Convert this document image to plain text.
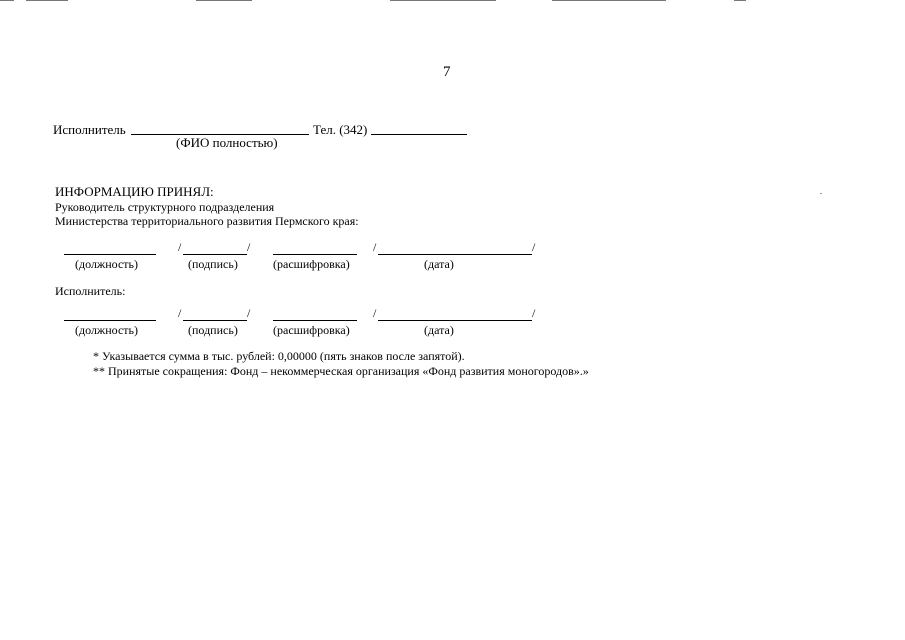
7
Исполнитель	Тел. (342)
(ФИО полностью)
ИНФОРМАЦИЮ ПРИНЯЛ:
Руководитель структурного подразделения
Министерства территориального развития Пермского края:
/	/	/	/
(должность)	(подпись)	(расшифровка)	(дата)
Исполнитель:
/	/	/	/
(должность)	(подпись)	(расшифровка)	(дата)
* Указывается сумма в тыс. рублей: 0,00000 (пять знаков после запятой).
** Принятые сокращения: Фонд – некоммерческая организация «Фонд развития моногородов».»
